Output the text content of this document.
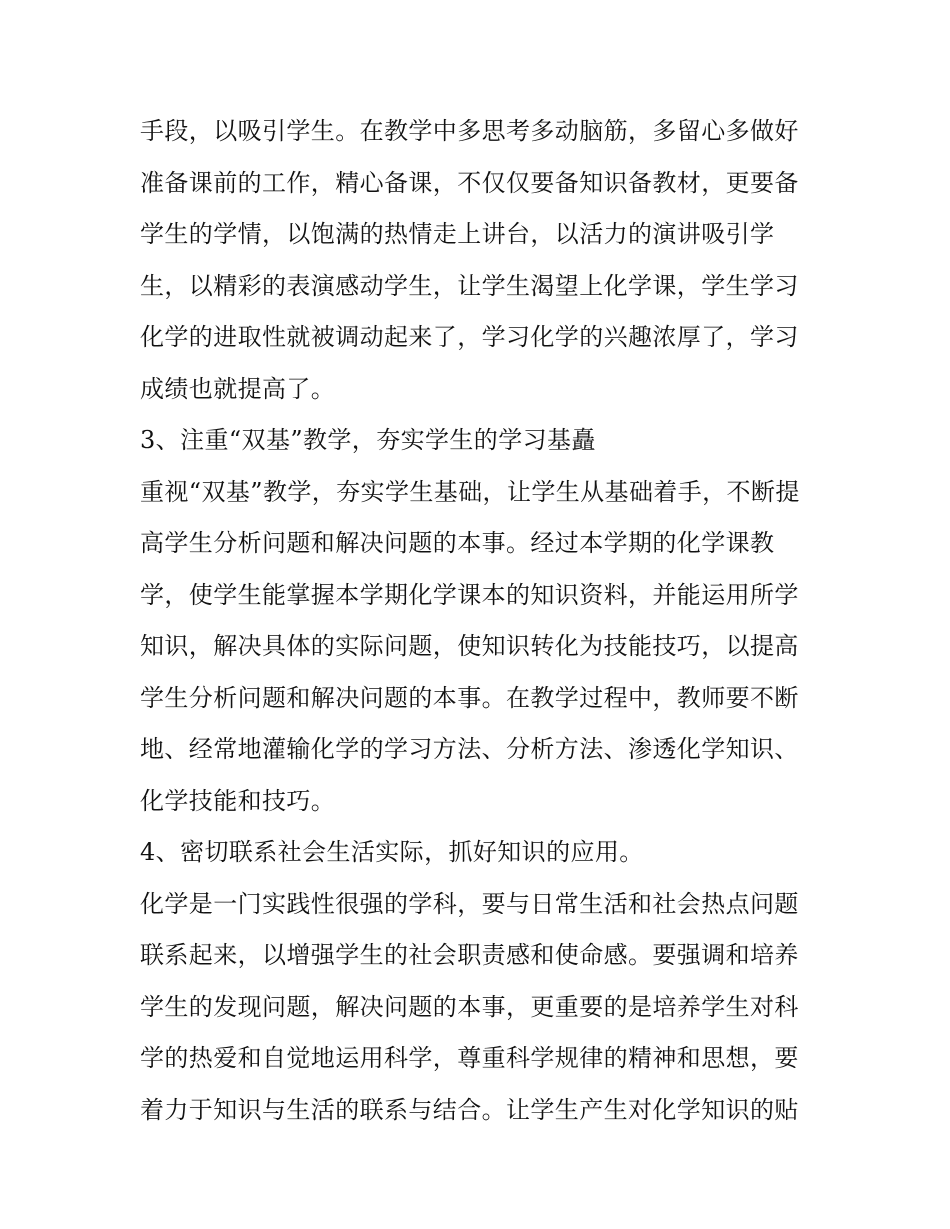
手段，以吸引学生。在教学中多思考多动脑筋，多留心多做好
准备课前的工作，精心备课，不仅仅要备知识备教材，更要备
学生的学情，以饱满的热情走上讲台，以活力的演讲吸引学
生，以精彩的表演感动学生，让学生渴望上化学课，学生学习
化学的进取性就被调动起来了，学习化学的兴趣浓厚了，学习
成绩也就提高了。
3、注重“双基”教学，夯实学生的学习基矗
重视“双基”教学，夯实学生基础，让学生从基础着手，不断提
高学生分析问题和解决问题的本事。经过本学期的化学课教
学，使学生能掌握本学期化学课本的知识资料，并能运用所学
知识，解决具体的实际问题，使知识转化为技能技巧，以提高
学生分析问题和解决问题的本事。在教学过程中，教师要不断
地、经常地灌输化学的学习方法、分析方法、渗透化学知识、
化学技能和技巧。
4、密切联系社会生活实际，抓好知识的应用。
化学是一门实践性很强的学科，要与日常生活和社会热点问题
联系起来，以增强学生的社会职责感和使命感。要强调和培养
学生的发现问题，解决问题的本事，更重要的是培养学生对科
学的热爱和自觉地运用科学，尊重科学规律的精神和思想，要
着力于知识与生活的联系与结合。让学生产生对化学知识的贴
